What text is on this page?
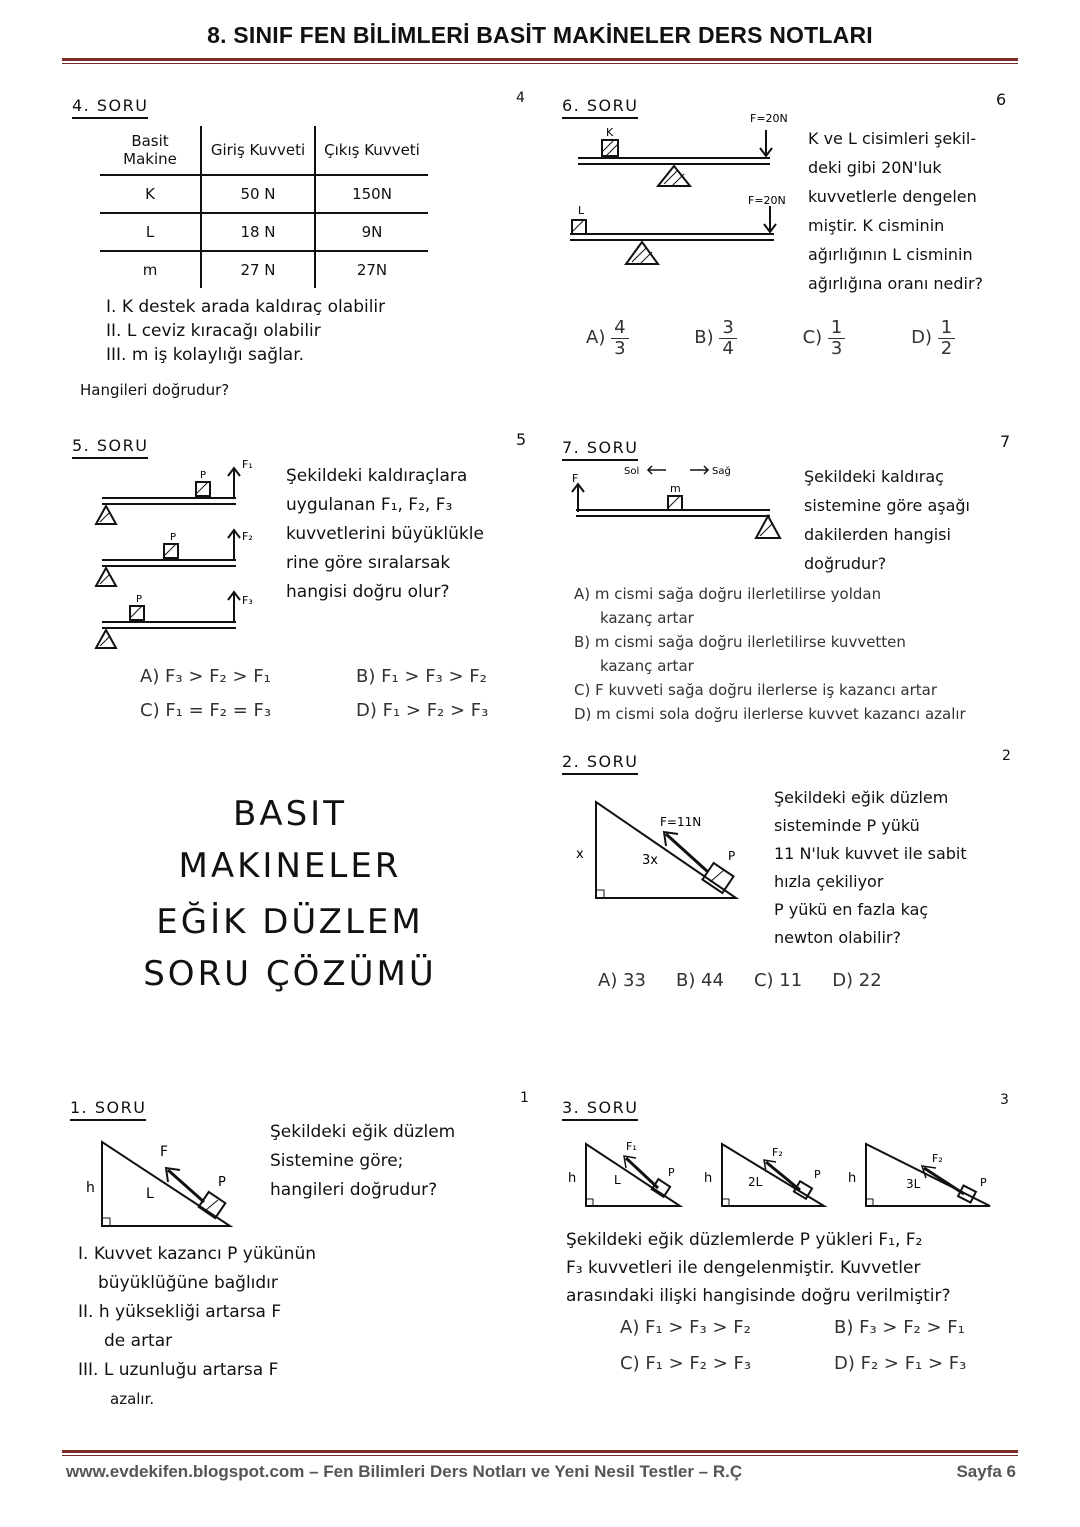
8. SINIF FEN BİLİMLERİ BASİT MAKİNELER DERS NOTLARI
4. SORU	4
Basit Makine	Giriş Kuvveti	Çıkış Kuvveti
K	50 N	150N
L	18 N	9N
m	27 N	27N
I. K destek arada kaldıraç olabilir
II. L ceviz kıracağı olabilir
III. m iş kolaylığı sağlar.
Hangileri doğrudur?
6. SORU	6
K
F=20N
L
F=20N
K ve L cisimleri şekil-
deki gibi 20N'luk
kuvvetlerle dengelen
miştir. K cisminin
ağırlığının L cisminin
ağırlığına oranı nedir?
$A) \frac{4}{3} B) \frac{3}{4} C) \frac{1}{3} D) \frac{1}{2}$
5. SORU	5
P
F₁
P	F₂
P	F₃
Şekildeki kaldıraçlara
uygulanan F₁, F₂, F₃
kuvvetlerini büyüklükle
rine göre sıralarsak
hangisi doğru olur?
A) F₃ > F₂ > F₁	B) F₁ > F₃ > F₂
C) F₁ = F₂ = F₃	D) F₁ > F₂ > F₃
7. SORU	7
Sol	Sağ
F
m
Şekildeki kaldıraç
sistemine göre aşağı
dakilerden hangisi
doğrudur?
A) m cismi sağa doğru ilerletilirse yoldan
kazanç artar
B) m cismi sağa doğru ilerletilirse kuvvetten
kazanç artar
C) F kuvveti sağa doğru ilerlerse iş kazancı artar
D) m cismi sola doğru ilerlerse kuvvet kazancı azalır
2. SORU	2
x	3x
F=11N
P
Şekildeki eğik düzlem
sisteminde P yükü
11 N'luk kuvvet ile sabit
hızla çekiliyor
P yükü en fazla kaç
newton olabilir?
A) 33 B) 44 C) 11 D) 22
BASIT
MAKINELER
EĞİK DÜZLEM
SORU ÇÖZÜMÜ
1. SORU	1
h	L
F
P
Şekildeki eğik düzlem
Sistemine göre;
hangileri doğrudur?
I. Kuvvet kazancı P yükünün
büyüklüğüne bağlıdır
II. h yüksekliği artarsa F
de artar
III. L uzunluğu artarsa F
azalır.
3. SORU	3
h	L
F₁
P h	2L
F₂
P h	3L
F₂
P
Şekildeki eğik düzlemlerde P yükleri F₁, F₂
F₃ kuvvetleri ile dengelenmiştir. Kuvvetler
arasındaki ilişki hangisinde doğru verilmiştir?
A) F₁ > F₃ > F₂	B) F₃ > F₂ > F₁
C) F₁ > F₂ > F₃	D) F₂ > F₁ > F₃
www.evdekifen.blogspot.com – Fen Bilimleri Ders Notları ve Yeni Nesil Testler – R.Ç	Sayfa 6
